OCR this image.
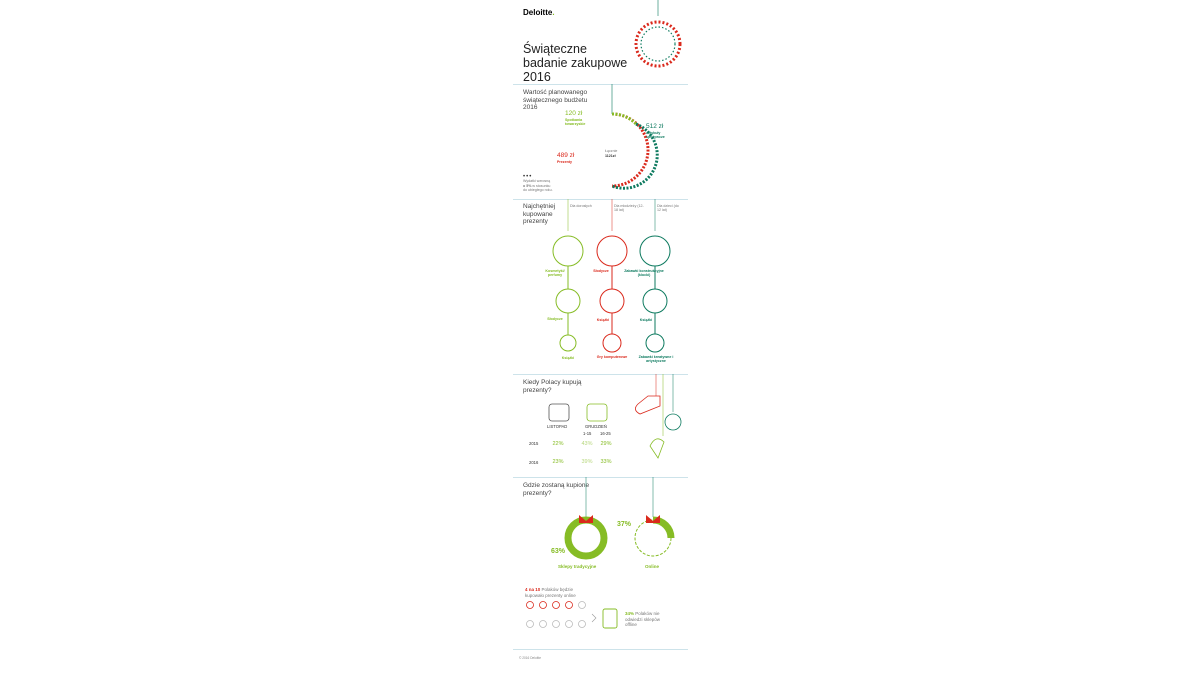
Deloitte.
Świąteczne badanie zakupowe 2016
Wartość planowanego świątecznego budżetu 2016
120 zł
Spotkania towarzyskie	512 zł
Artykuły spożywcze
489 zł
Prezenty
Łącznie
1121zł
•••
Wydatki wzrosną
o 5% w stosunku
do ubiegłego roku.
Najchętniej kupowane prezenty
Dla dorosłych	Dla młodzieży (12-18 lat)
Dla dzieci (do 12 lat)
Kosmetyki/ perfumy
Słodycze
Książki
Słodycze
Książki
Gry komputerowe
Zabawki konstrukcyjne (klocki)
Książki
Zabawki kreatywne i artystyczne
Kiedy Polacy kupują prezenty?
LISTOPAD	GRUDZIEŃ
1-15 16-25
2015
2016
22%	43%	29%
23%	39%	33%
Gdzie zostaną kupione prezenty?
63%
37%
Sklepy tradycyjne	Online
4 na 10 Polaków będzie kupowało prezenty online
34% Polaków nie odwiedzi sklepów offline
© 2016 Deloitte
